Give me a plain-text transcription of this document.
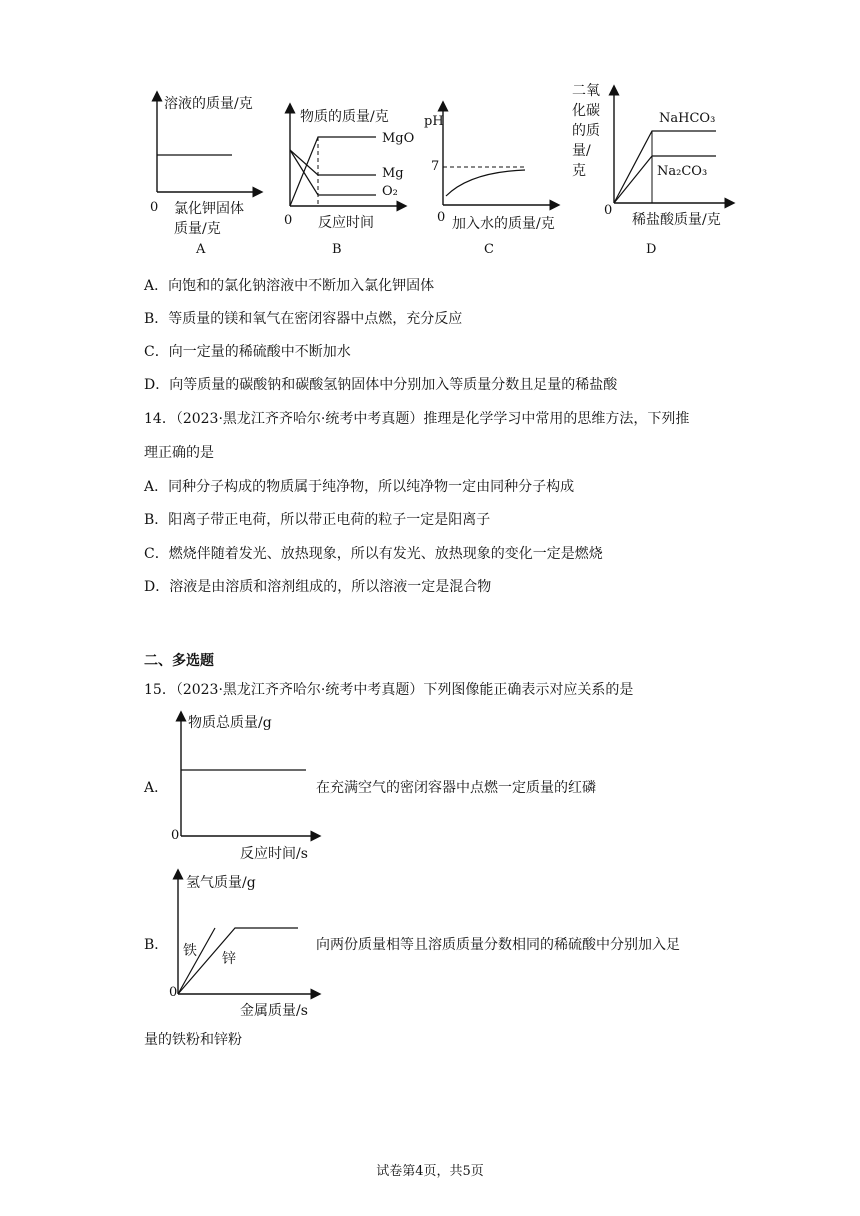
溶液的质量/克
0 氯化钾固体
质量/克
A
物质的质量/克
MgO
Mg
O₂
0 反应时间
B
pH
7
0 加入水的质量/克
C
二氧
化碳
的质
量/
克
NaHCO₃
Na₂CO₃
0
稀盐酸质量/克
D
A．向饱和的氯化钠溶液中不断加入氯化钾固体
B．等质量的镁和氧气在密闭容器中点燃，充分反应
C．向一定量的稀硫酸中不断加水
D．向等质量的碳酸钠和碳酸氢钠固体中分别加入等质量分数且足量的稀盐酸
14．（2023·黑龙江齐齐哈尔·统考中考真题）推理是化学学习中常用的思维方法，下列推
理正确的是
A．同种分子构成的物质属于纯净物，所以纯净物一定由同种分子构成
B．阳离子带正电荷，所以带正电荷的粒子一定是阳离子
C．燃烧伴随着发光、放热现象，所以有发光、放热现象的变化一定是燃烧
D．溶液是由溶质和溶剂组成的，所以溶液一定是混合物
二、多选题
15．（2023·黑龙江齐齐哈尔·统考中考真题）下列图像能正确表示对应关系的是
A．
物质总质量/g
0
反应时间/s
在充满空气的密闭容器中点燃一定质量的红磷
B．
氢气质量/g
铁 锌
0
金属质量/s
向两份质量相等且溶质质量分数相同的稀硫酸中分别加入足
量的铁粉和锌粉
试卷第4页，共5页
